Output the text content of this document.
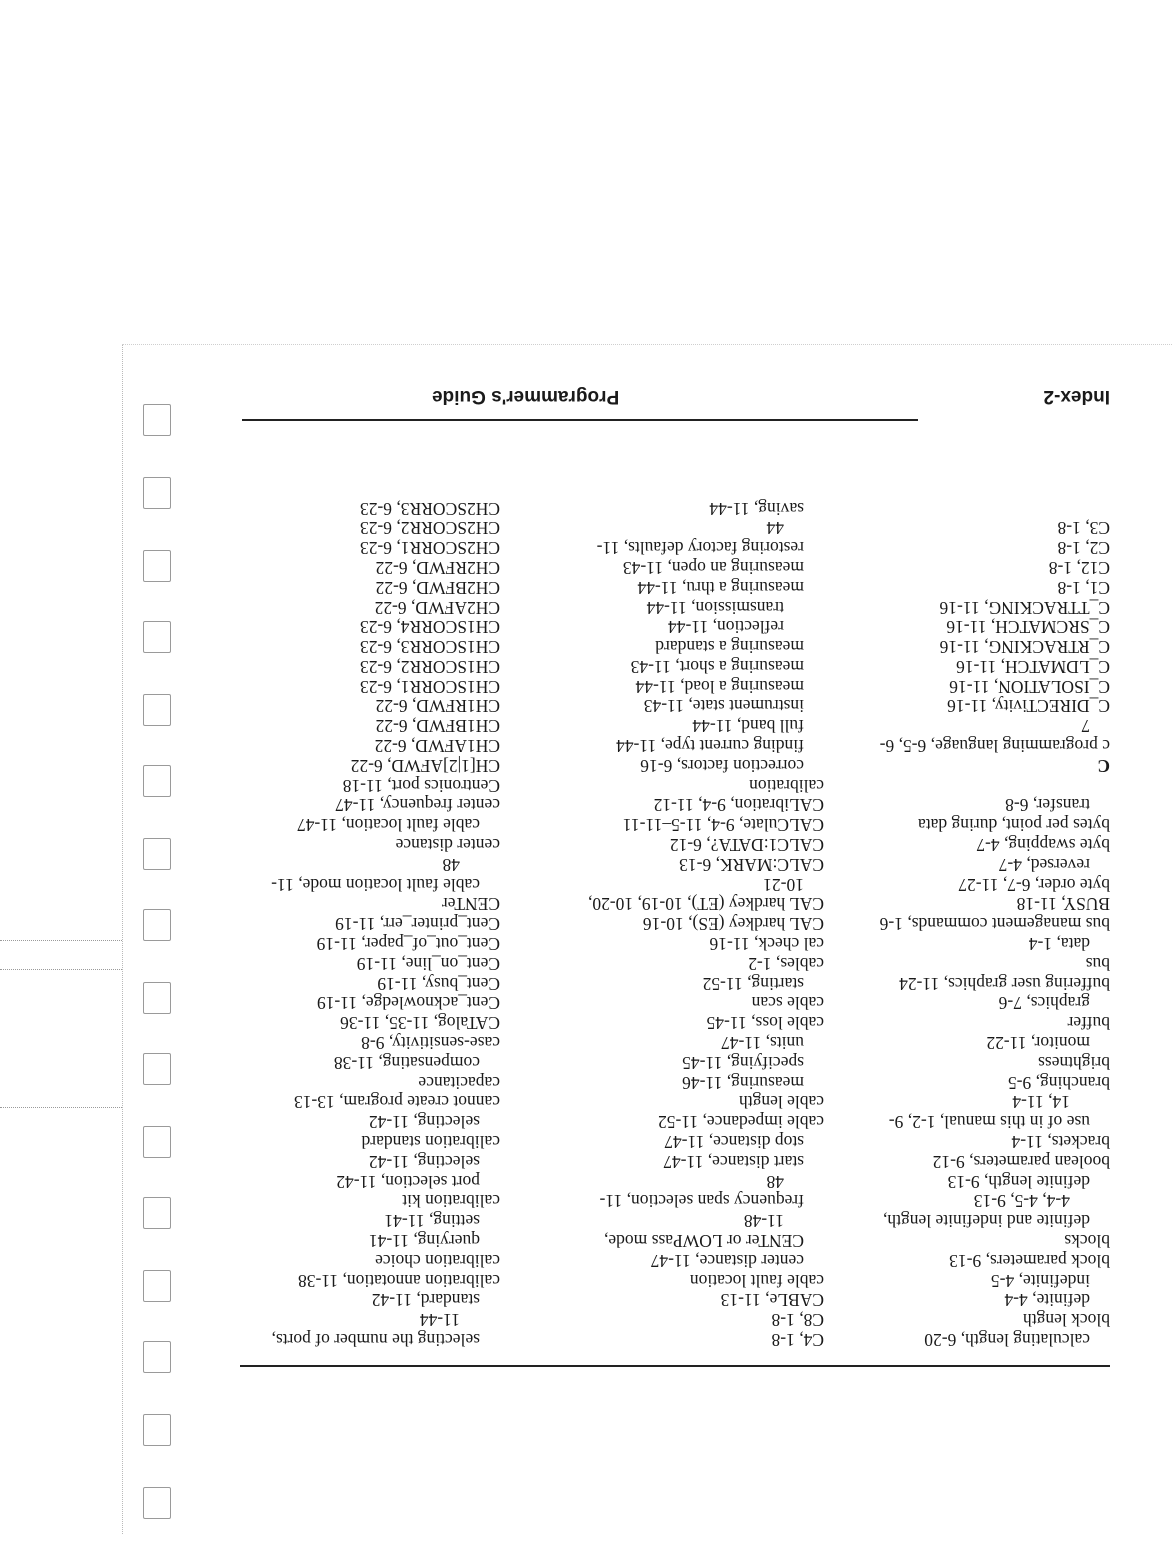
calculating length, 6-20
block length
definite, 4-4
indefinite, 4-5
block parameters, 9-13
blocks
definite and indefinite length,
4-4, 4-5, 9-13
definite length, 9-13
boolean parameters, 9-12
brackets, 11-4
use of in this manual, 1-2, 9-
14, 11-4
branching, 9-5
brightness
monitor, 11-22
buffer
graphics, 7-6
buffering user graphics, 11-24
bus
data, 1-4
bus management commands, 1-6
BUSY, 11-18
byte order, 6-7, 11-27
reversed, 4-7
byte swapping, 4-7
bytes per point, during data
transfer, 6-8
C
c programming language, 6-5, 6-
7
C_DIRECTivity, 11-16
C_ISOLATION, 11-16
C_LDMATCH, 11-16
C_RTRACKING, 11-16
C_SRCMATCH, 11-16
C_TTRACKING, 11-16
C1, 1-8
C12, 1-8
C2, 1-8
C3, 1-8
C4, 1-8
C8, 1-8
CABLe, 11-13
cable fault location
center distance, 11-47
CENTer or LOWPass mode,
11-48
frequency span selection, 11-
48
start distance, 11-47
stop distance, 11-47
cable impedance, 11-52
cable length
measuring, 11-46
specifying, 11-45
units, 11-47
cable loss, 11-45
cable scan
starting, 11-52
cables, 1-2
cal check, 11-16
CAL hardkey (ES), 10-16
CAL hardkey (ET), 10-19, 10-20,
10-21
CALC:MARK, 6-13
CALC1:DATA?, 6-12
CALCulate, 9-4, 11-5–11-11
CALibration, 9-4, 11-12
calibration
correction factors, 6-16
finding current type, 11-44
full band, 11-44
instrument state, 11-43
measuring a load, 11-44
measuring a short, 11-43
measuring a standard
reflection, 11-44
transmission, 11-44
measuring a thru, 11-44
measuring an open, 11-43
restoring factory defaults, 11-
44
saving, 11-44
selecting the number of ports,
11-44
standard, 11-42
calibration annotation, 11-38
calibration choice
querying, 11-41
setting, 11-41
calibration kit
port selection, 11-42
selecting, 11-42
calibration standard
selecting, 11-42
cannot create program, 13-13
capacitance
compensating, 11-38
case-sensitivity, 9-8
CATalog, 11-35, 11-36
Cent_acknowledge, 11-19
Cent_busy, 11-19
Cent_on_line, 11-19
Cent_out_of_paper, 11-19
Cent_printer_err, 11-19
CENTer
cable fault location mode, 11-
48
center distance
cable fault location, 11-47
center frequency, 11-47
Centronics port, 11-18
CH[1|2]AFWD, 6-22
CH1AFWD, 6-22
CH1BFWD, 6-22
CH1RFWD, 6-22
CH1SCORR1, 6-23
CH1SCORR2, 6-23
CH1SCORR3, 6-23
CH1SCORR4, 6-23
CH2AFWD, 6-22
CH2BFWD, 6-22
CH2RFWD, 6-22
CH2SCORR1, 6-23
CH2SCORR2, 6-23
CH2SCORR3, 6-23
Index-2
Programmer's Guide
